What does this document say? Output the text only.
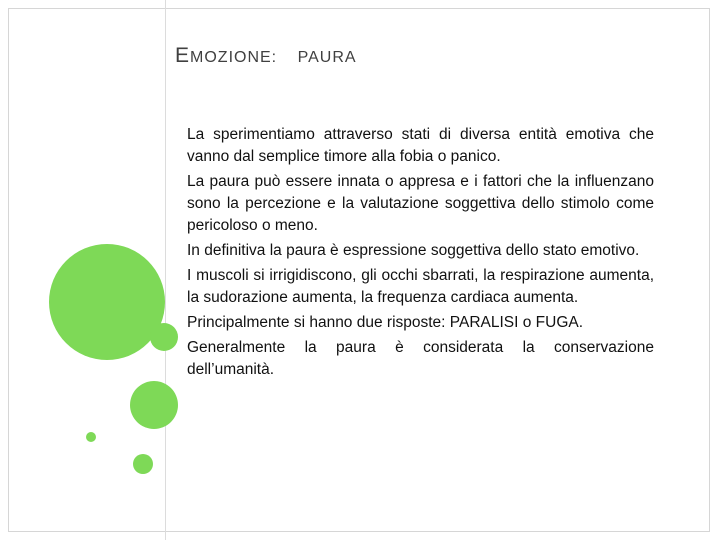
EMOZIONE: PAURA

La sperimentiamo attraverso stati di diversa entità emotiva che vanno dal semplice timore alla fobia o panico.

La paura può essere innata o appresa e i fattori che la influenzano sono la percezione e la valutazione soggettiva dello stimolo come pericoloso o meno.

In definitiva la paura è espressione soggettiva dello stato emotivo.

I muscoli si irrigidiscono, gli occhi sbarrati, la respirazione aumenta, la sudorazione aumenta, la frequenza cardiaca aumenta.

Principalmente si hanno due risposte: PARALISI o FUGA.

Generalmente la paura è considerata la conservazione dell’umanità.
